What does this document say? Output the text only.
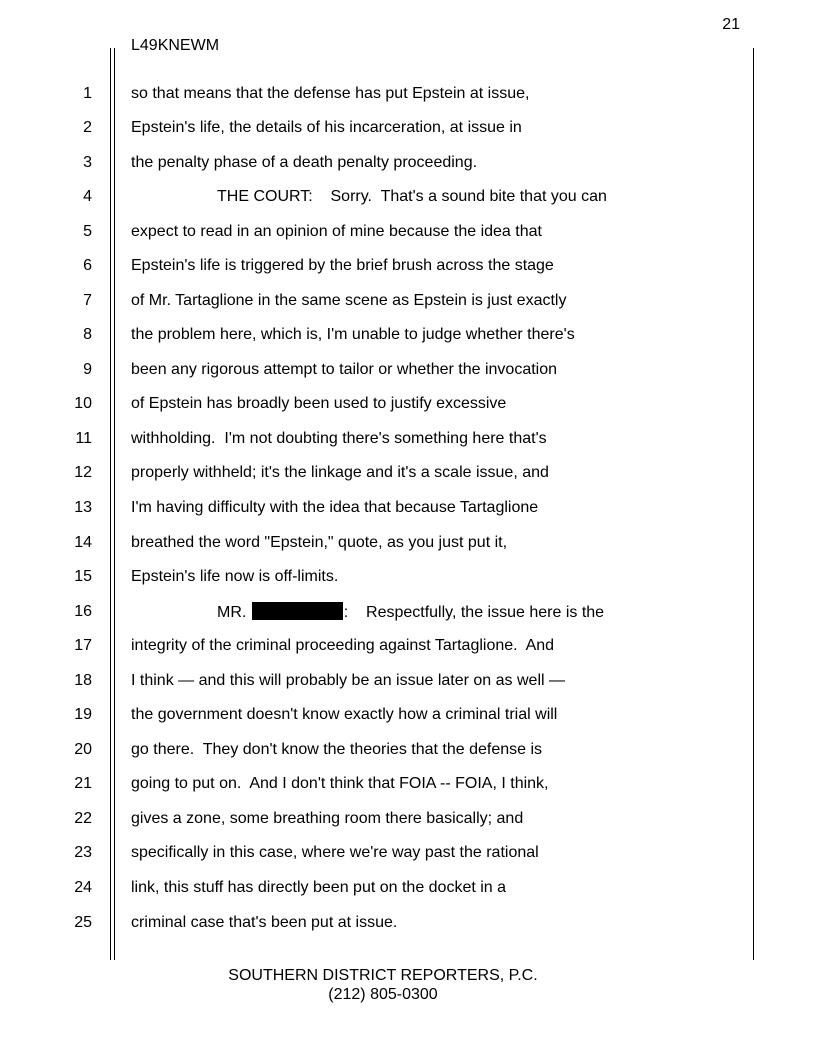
21
L49KNEWM
1 so that means that the defense has put Epstein at issue,
2 Epstein's life, the details of his incarceration, at issue in
3 the penalty phase of a death penalty proceeding.
4	THE COURT:    Sorry.  That's a sound bite that you can
5 expect to read in an opinion of mine because the idea that
6 Epstein's life is triggered by the brief brush across the stage
7 of Mr. Tartaglione in the same scene as Epstein is just exactly
8 the problem here, which is, I'm unable to judge whether there's
9 been any rigorous attempt to tailor or whether the invocation
10 of Epstein has broadly been used to justify excessive
11 withholding.  I'm not doubting there's something here that's
12 properly withheld; it's the linkage and it's a scale issue, and
13 I'm having difficulty with the idea that because Tartaglione
14 breathed the word "Epstein," quote, as you just put it,
15 Epstein's life now is off-limits.
16	MR.	:    Respectfully, the issue here is the
17 integrity of the criminal proceeding against Tartaglione.  And
18 I think — and this will probably be an issue later on as well —
19 the government doesn't know exactly how a criminal trial will
20 go there.  They don't know the theories that the defense is
21 going to put on.  And I don't think that FOIA -- FOIA, I think,
22 gives a zone, some breathing room there basically; and
23 specifically in this case, where we're way past the rational
24 link, this stuff has directly been put on the docket in a
25 criminal case that's been put at issue.
SOUTHERN DISTRICT REPORTERS, P.C.
(212) 805-0300
